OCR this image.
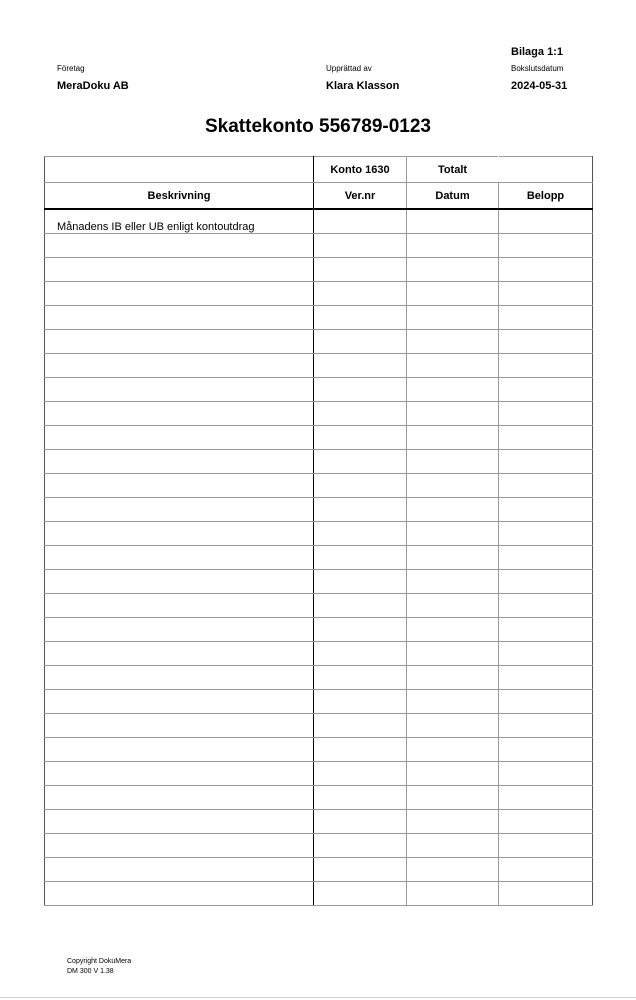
Bilaga 1:1
Företag
MeraDoku AB
Upprättad av
Klara Klasson
Bokslutsdatum
2024-05-31
Skattekonto 556789-0123
	Konto 1630	Totalt	
Beskrivning	Ver.nr	Datum	Belopp
Månadens IB eller UB enligt kontoutdrag			

Copyright DokuMera
DM 300 V 1.38
